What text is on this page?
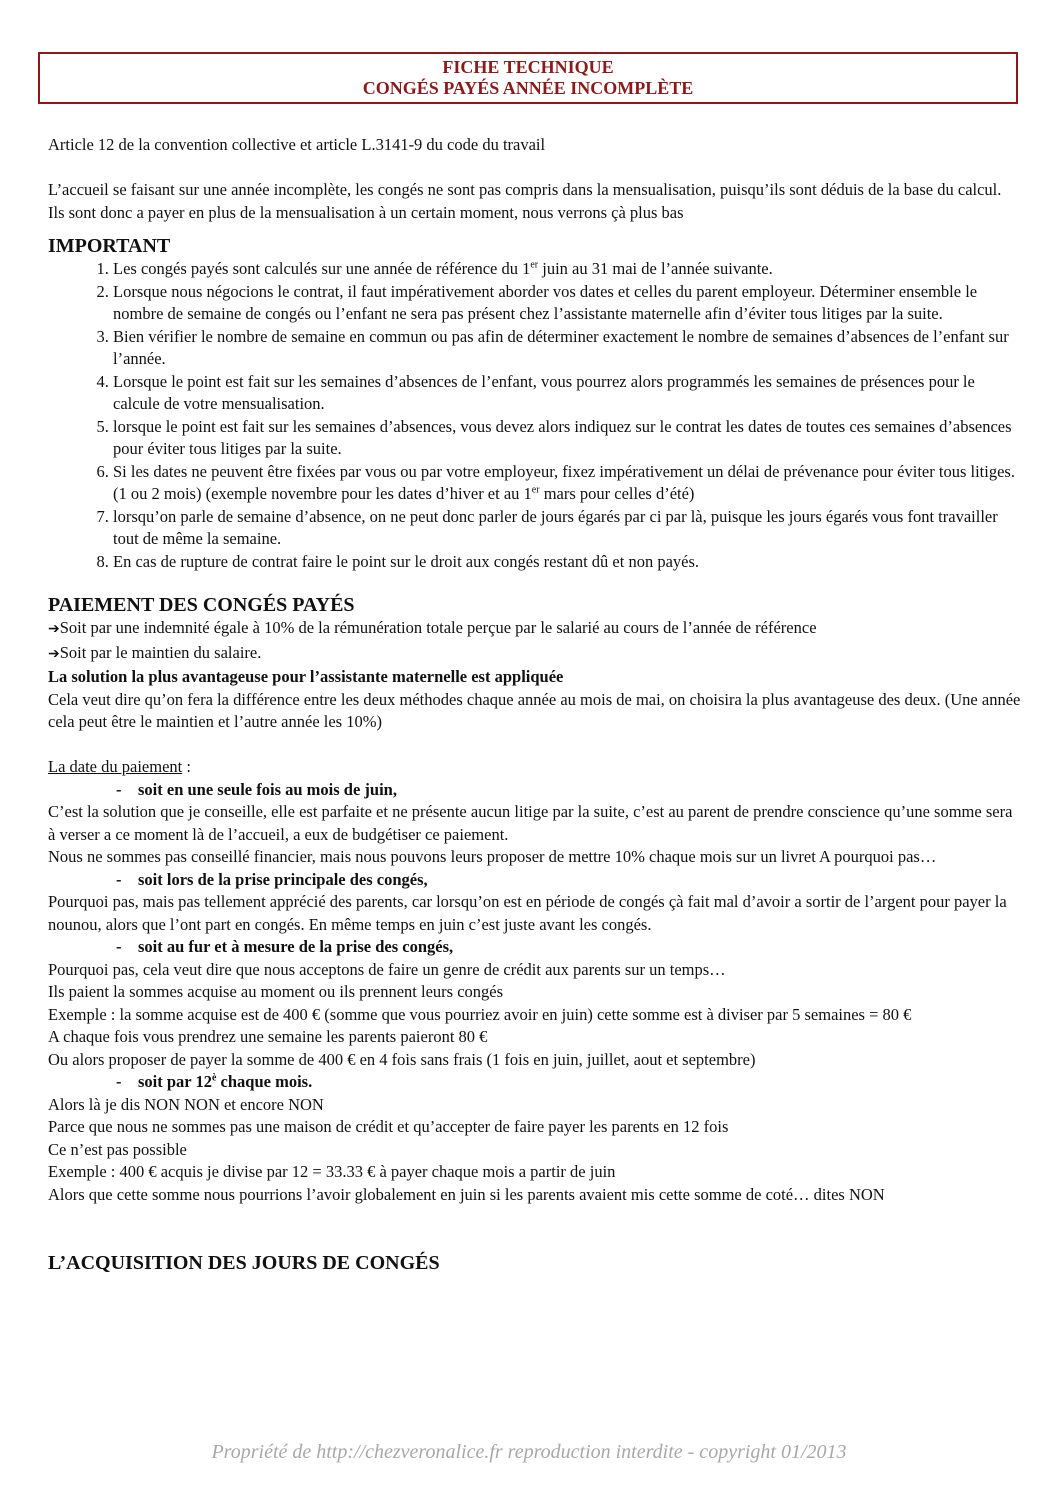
FICHE TECHNIQUE
CONGÉS PAYÉS ANNÉE INCOMPLÈTE

Article 12 de la convention collective et article L.3141-9 du code du travail

L’accueil se faisant sur une année incomplète, les congés ne sont pas compris dans la mensualisation, puisqu’ils sont déduis de la base du calcul.

Ils sont donc a payer en plus de la mensualisation à un certain moment, nous verrons çà plus bas

IMPORTANT
1. Les congés payés sont calculés sur une année de référence du 1er juin au 31 mai de l’année suivante.
2. Lorsque nous négocions le contrat, il faut impérativement aborder vos dates et celles du parent employeur. Déterminer ensemble le nombre de semaine de congés ou l’enfant ne sera pas présent chez l’assistante maternelle afin d’éviter tous litiges par la suite.
3. Bien vérifier le nombre de semaine en commun ou pas afin de déterminer exactement le nombre de semaines d’absences de l’enfant sur l’année.
4. Lorsque le point est fait sur les semaines d’absences de l’enfant, vous pourrez alors programmés les semaines de présences pour le calcule de votre mensualisation.
5. lorsque le point est fait sur les semaines d’absences, vous devez alors indiquez sur le contrat les dates de toutes ces semaines d’absences pour éviter tous litiges par la suite.
6. Si les dates ne peuvent être fixées par vous ou par votre employeur, fixez impérativement un délai de prévenance pour éviter tous litiges. (1 ou 2 mois) (exemple novembre pour les dates d’hiver et au 1er mars pour celles d’été)
7. lorsqu’on parle de semaine d’absence, on ne peut donc parler de jours égarés par ci par là, puisque les jours égarés vous font travailler tout de même la semaine.
8. En cas de rupture de contrat faire le point sur le droit aux congés restant dû et non payés.
PAIEMENT DES CONGÉS PAYÉS

➔Soit par une indemnité égale à 10% de la rémunération totale perçue par le salarié au cours de l’année de référence

➔Soit par le maintien du salaire.

La solution la plus avantageuse pour l’assistante maternelle est appliquée

Cela veut dire qu’on fera la différence entre les deux méthodes chaque année au mois de mai, on choisira la plus avantageuse des deux. (Une année cela peut être le maintien et l’autre année les 10%)

La date du paiement :

- soit en une seule fois au mois de juin,

C’est la solution que je conseille, elle est parfaite et ne présente aucun litige par la suite, c’est au parent de prendre conscience qu’une somme sera à verser a ce moment là de l’accueil, a eux de budgétiser ce paiement.

Nous ne sommes pas conseillé financier, mais nous pouvons leurs proposer de mettre 10% chaque mois sur un livret A pourquoi pas…

- soit lors de la prise principale des congés,

Pourquoi pas, mais pas tellement apprécié des parents, car lorsqu’on est en période de congés çà fait mal d’avoir a sortir de l’argent pour payer la nounou, alors que l’ont part en congés. En même temps en juin c’est juste avant les congés.

- soit au fur et à mesure de la prise des congés,

Pourquoi pas, cela veut dire que nous acceptons de faire un genre de crédit aux parents sur un temps…

Ils paient la sommes acquise au moment ou ils prennent leurs congés

Exemple : la somme acquise est de 400 € (somme que vous pourriez avoir en juin) cette somme est à diviser par 5 semaines = 80 €

A chaque fois vous prendrez une semaine les parents paieront 80 €

Ou alors proposer de payer la somme de 400 € en 4 fois sans frais (1 fois en juin, juillet, aout et septembre)

- soit par $12^è$ chaque mois.

Alors là je dis NON NON et encore NON

Parce que nous ne sommes pas une maison de crédit et qu’accepter de faire payer les parents en 12 fois

Ce n’est pas possible

Exemple : 400 € acquis je divise par 12 = 33.33 € à payer chaque mois a partir de juin

Alors que cette somme nous pourrions l’avoir globalement en juin si les parents avaient mis cette somme de coté… dites NON

L’ACQUISITION DES JOURS DE CONGÉS
Propriété de http://chezveronalice.fr reproduction interdite - copyright 01/2013
